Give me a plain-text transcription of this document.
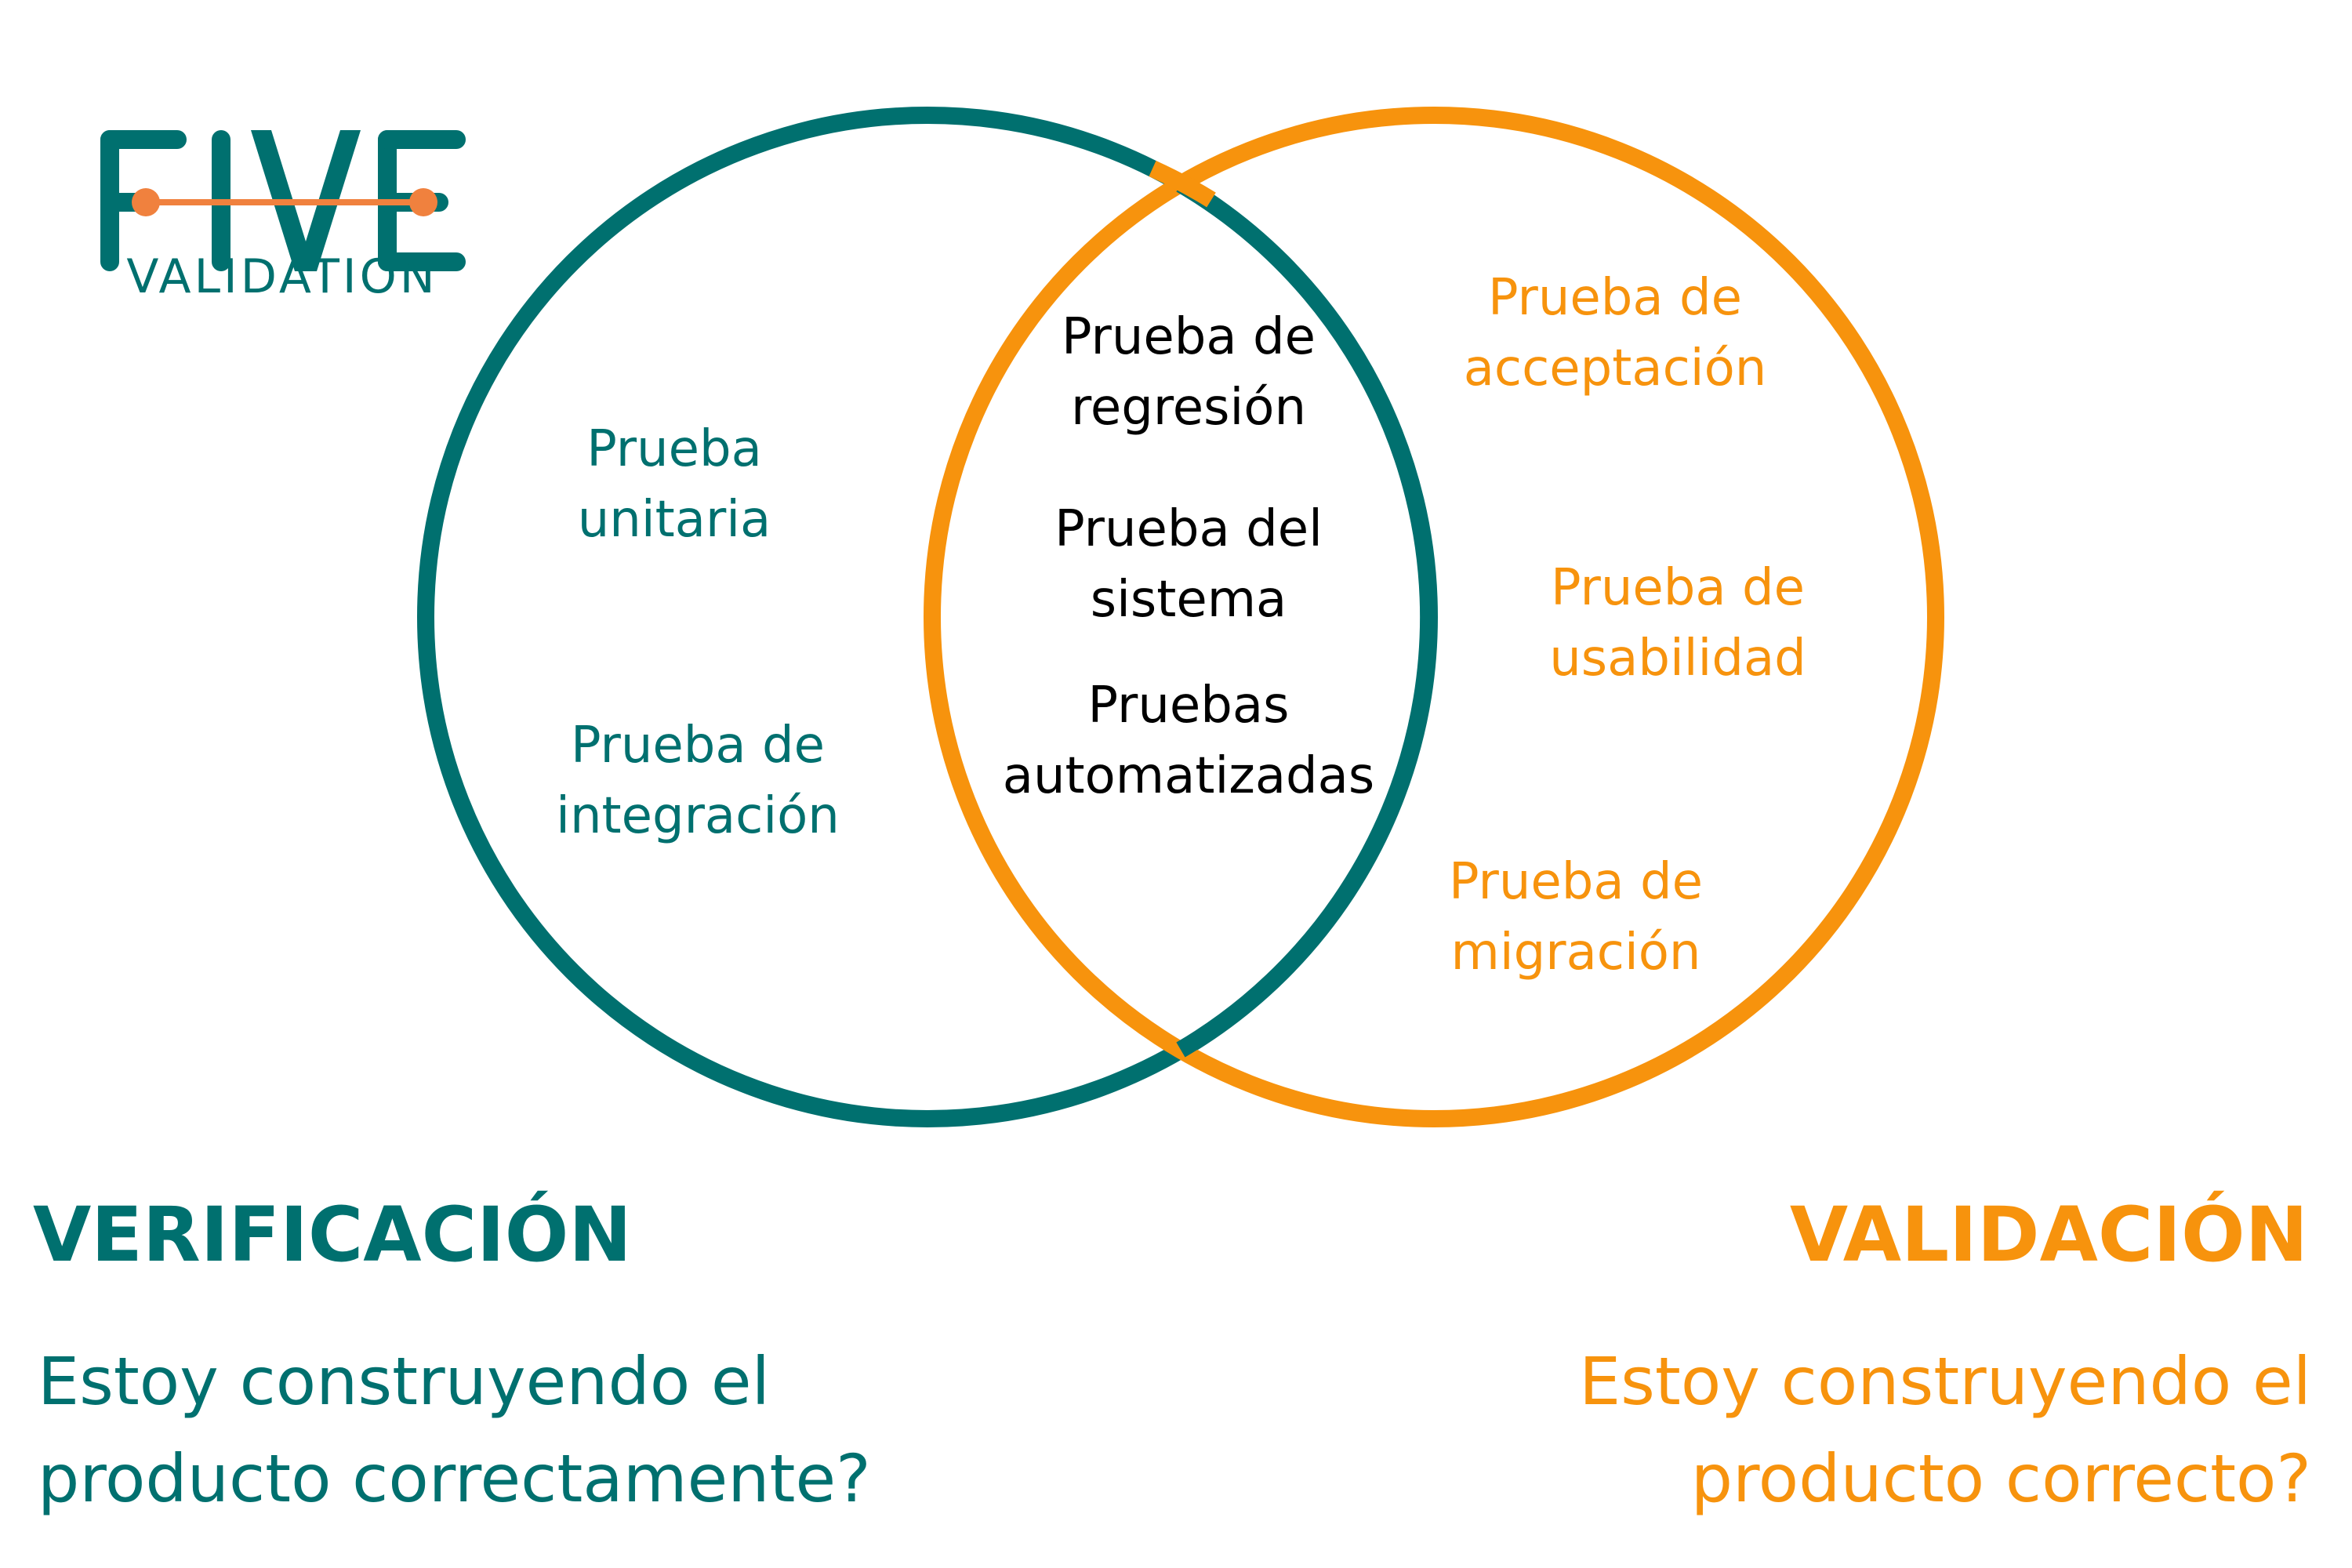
VALIDATION
Prueba
unitaria
Prueba de
integración
Prueba de
regresión
Prueba del
sistema
Pruebas
automatizadas
Prueba de
acceptación
Prueba de
usabilidad
Prueba de
migración
VERIFICACIÓN
Estoy construyendo el
producto correctamente?
VALIDACIÓN
Estoy construyendo el
producto correcto?
